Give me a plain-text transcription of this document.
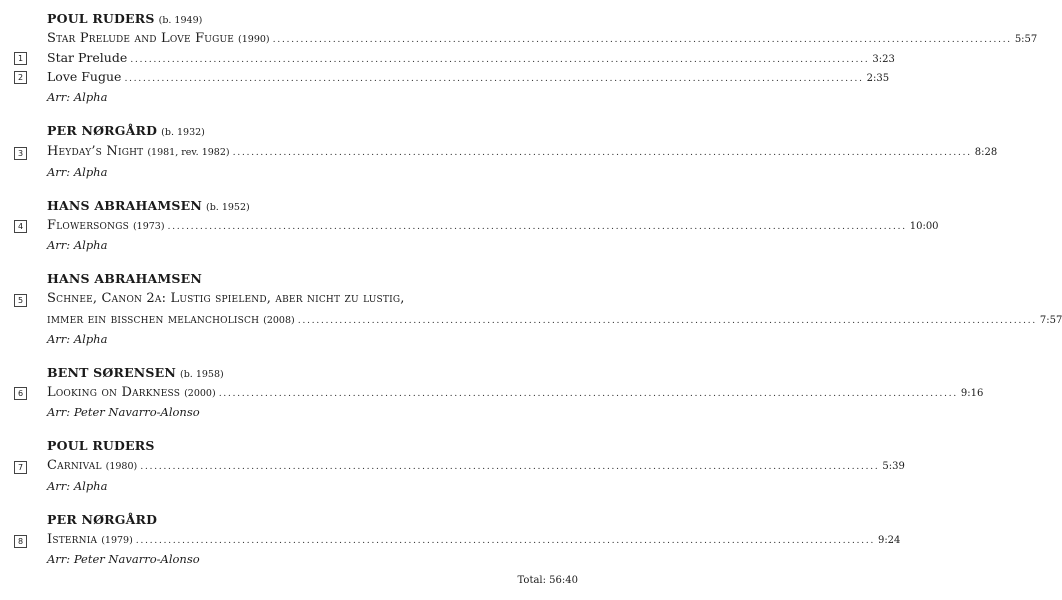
POUL RUDERS (b. 1949)
Star Prelude and Love Fugue (1990) ................................................................................................................................................................ 5:57
1	Star Prelude ................................................................................................................................................................ 3:23
2	Love Fugue ................................................................................................................................................................ 2:35
Arr: Alpha
PER NØRGÅRD (b. 1932)
3	Heyday’s Night (1981, rev. 1982) ................................................................................................................................................................ 8:28
Arr: Alpha
HANS ABRAHAMSEN (b. 1952)
4	Flowersongs (1973) ................................................................................................................................................................ 10:00
Arr: Alpha
HANS ABRAHAMSEN
5	Schnee, Canon 2a: Lustig spielend, aber nicht zu lustig,
immer ein bißchen melancholisch (2008) ................................................................................................................................................................ 7:57
Arr: Alpha
BENT SØRENSEN (b. 1958)
6	Looking on Darkness (2000) ................................................................................................................................................................ 9:16
Arr: Peter Navarro-Alonso
POUL RUDERS
7	Carnival (1980) ................................................................................................................................................................ 5:39
Arr: Alpha
PER NØRGÅRD
8	Isternia (1979) ................................................................................................................................................................ 9:24
Arr: Peter Navarro-Alonso
Total: 56:40
